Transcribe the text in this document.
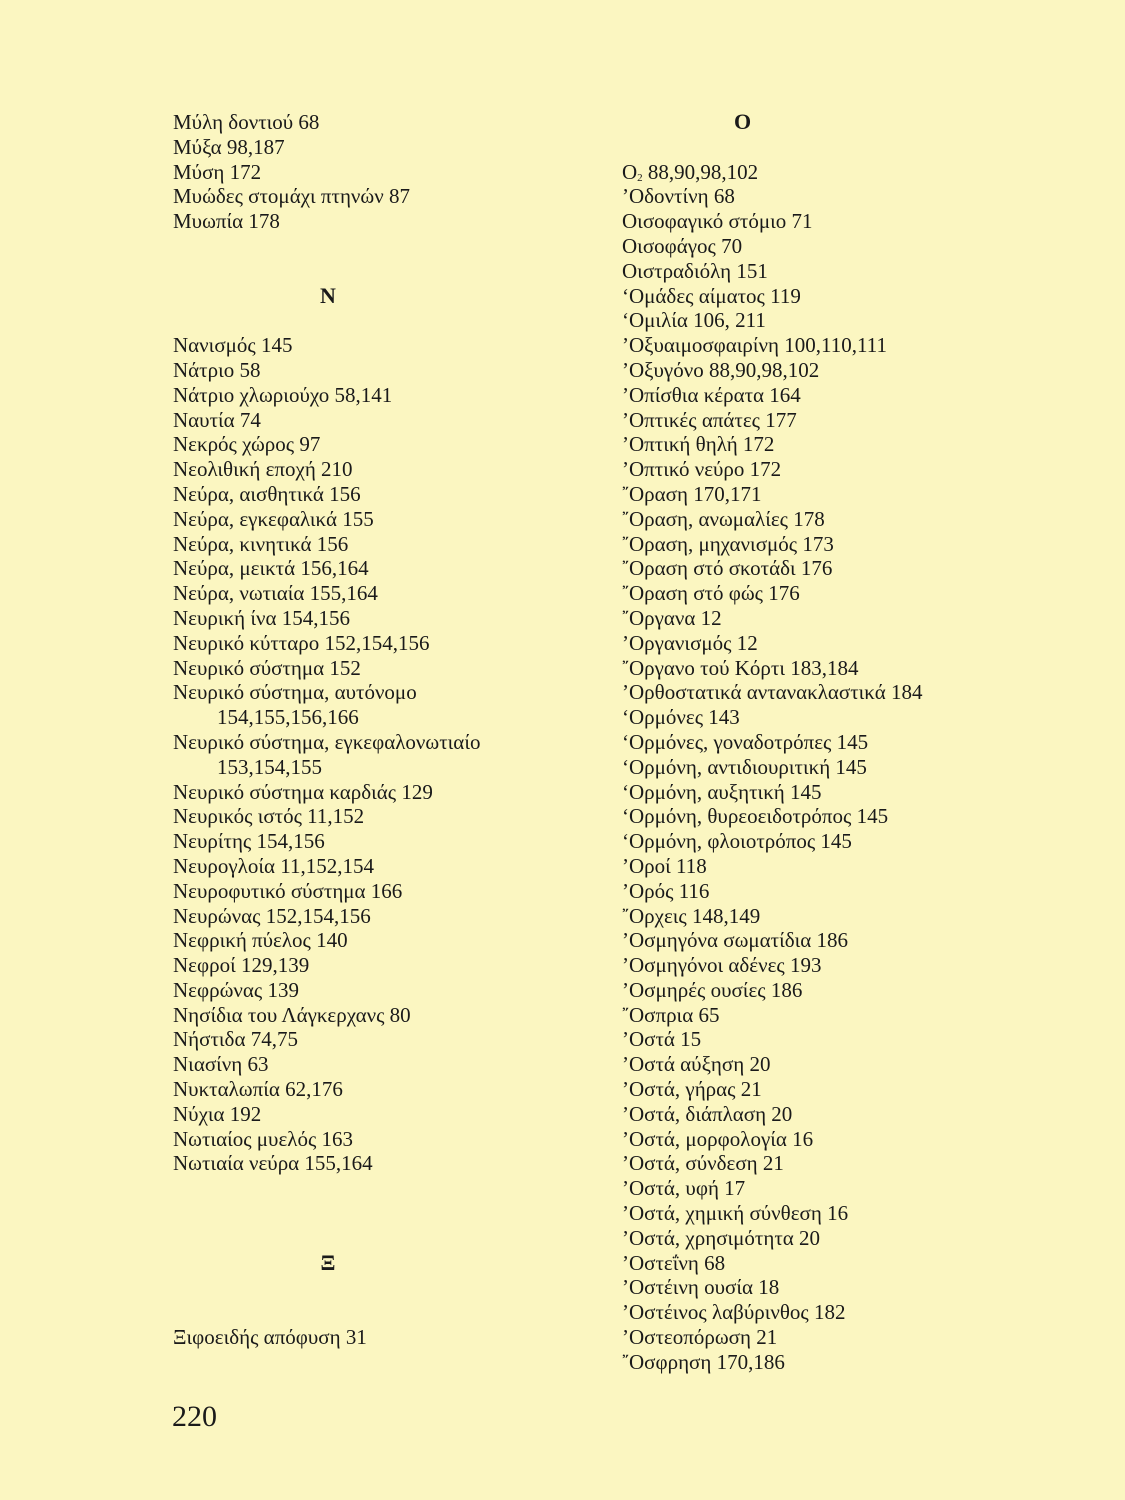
Μύλη δοντιού 68
Μύξα 98,187
Μύση 172
Μυώδες στομάχι πτηνών 87
Μυωπία 178
Ν
Νανισμός 145
Νάτριο 58
Νάτριο χλωριούχο 58,141
Ναυτία 74
Νεκρός χώρος 97
Νεολιθική εποχή 210
Νεύρα, αισθητικά 156
Νεύρα, εγκεφαλικά 155
Νεύρα, κινητικά 156
Νεύρα, μεικτά 156,164
Νεύρα, νωτιαία 155,164
Νευρική ίνα 154,156
Νευρικό κύτταρο 152,154,156
Νευρικό σύστημα 152
Νευρικό σύστημα, αυτόνομο
154,155,156,166
Νευρικό σύστημα, εγκεφαλονωτιαίο
153,154,155
Νευρικό σύστημα καρδιάς 129
Νευρικός ιστός 11,152
Νευρίτης 154,156
Νευρογλοία 11,152,154
Νευροφυτικό σύστημα 166
Νευρώνας 152,154,156
Νεφρική πύελος 140
Νεφροί 129,139
Νεφρώνας 139
Νησίδια του Λάγκερχανς 80
Νήστιδα 74,75
Νιασίνη 63
Νυκταλωπία 62,176
Νύχια 192
Νωτιαίος μυελός 163
Νωτιαία νεύρα 155,164
Ξ
Ξιφοειδής απόφυση 31
Ο
$O_2$ 88,90,98,102
’Οδοντίνη 68
Οισοφαγικό στόμιο 71
Οισοφάγος 70
Οιστραδιόλη 151
‘Ομάδες αίματος 119
‘Ομιλία 106, 211
’Οξυαιμοσφαιρίνη 100,110,111
’Οξυγόνο 88,90,98,102
’Οπίσθια κέρατα 164
’Οπτικές απάτες 177
’Οπτική θηλή 172
’Οπτικό νεύρο 172
῎Οραση 170,171
῎Οραση, ανωμαλίες 178
῎Οραση, μηχανισμός 173
῎Οραση στό σκοτάδι 176
῎Οραση στό φώς 176
῎Οργανα 12
’Οργανισμός 12
῎Οργανο τού Κόρτι 183,184
’Ορθοστατικά αντανακλαστικά 184
‘Ορμόνες 143
‘Ορμόνες, γοναδοτρόπες 145
‘Ορμόνη, αντιδιουριτική 145
‘Ορμόνη, αυξητική 145
‘Ορμόνη, θυρεοειδοτρόπος 145
‘Ορμόνη, φλοιοτρόπος 145
’Οροί 118
’Ορός 116
῎Ορχεις 148,149
’Οσμηγόνα σωματίδια 186
’Οσμηγόνοι αδένες 193
’Οσμηρές ουσίες 186
῎Οσπρια 65
’Οστά 15
’Οστά αύξηση 20
’Οστά, γήρας 21
’Οστά, διάπλαση 20
’Οστά, μορφολογία 16
’Οστά, σύνδεση 21
’Οστά, υφή 17
’Οστά, χημική σύνθεση 16
’Οστά, χρησιμότητα 20
’Οστεΐνη 68
’Οστέινη ουσία 18
’Οστέινος λαβύρινθος 182
’Οστεοπόρωση 21
῎Οσφρηση 170,186
220
